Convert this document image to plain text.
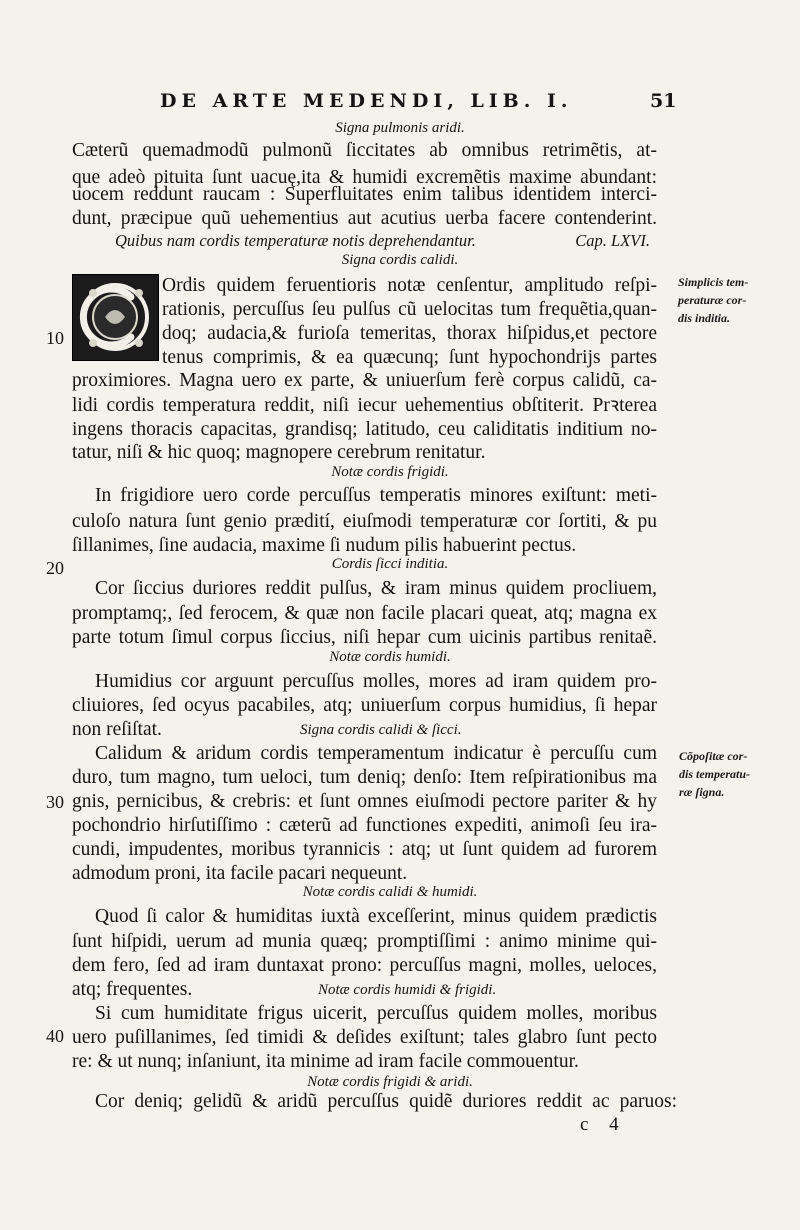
DE ARTE MEDENDI, LIB. I.	51
Signa pulmonis aridi.
Cæterũ quemadmodũ pulmonũ ſiccitates ab omnibus retrimẽtis, at-
que adeò pituita ſunt uacuę,ita & humidi excremẽtis maxime abundant:
uocem reddunt raucam : Superfluitates enim talibus identidem interci-
dunt, præcipue quũ uehementius aut acutius uerba facere contenderint.
Quibus nam cordis temperaturæ notis deprehendantur.	Cap. LXVI.
Signa cordis calidi.
Ordis quidem feruentioris notæ cenſentur, amplitudo reſpi-
rationis, percuſſus ſeu pulſus cũ uelocitas tum frequẽtia,quan-
doq; audacia,& furioſa temeritas, thorax hiſpidus,et pectore
tenus comprimis, & ea quæcunq; ſunt hypochondrijs partes
proximiores. Magna uero ex parte, & uniuerſum ferè corpus calidũ, ca-
lidi cordis temperatura reddit, niſi iecur uehementius obſtiterit. Prꝛterea
ingens thoracis capacitas, grandisq; latitudo, ceu caliditatis inditium no-
tatur, niſi & hic quoq; magnopere cerebrum renitatur.
Notæ cordis frigidi.
In frigidiore uero corde percuſſus temperatis minores exiſtunt: meti-
culoſo natura ſunt genio prædití, eiuſmodi temperaturæ cor ſortiti, & pu
ſillanimes, ſine audacia, maxime ſi nudum pilis habuerint pectus.
Cordis ſicci inditia.
Cor ſiccius duriores reddit pulſus, & iram minus quidem procliuem,
promptamq;, ſed ferocem, & quæ non facile placari queat, atq; magna ex
parte totum ſimul corpus ſiccius, niſi hepar cum uicinis partibus renitaẽ.
Notæ cordis humidi.
Humidius cor arguunt percuſſus molles, mores ad iram quidem pro-
cliuiores, ſed ocyus pacabiles, atq; uniuerſum corpus humidius, ſi hepar
non reſiſtat.	Signa cordis calidi & ſicci.
Calidum & aridum cordis temperamentum indicatur è percuſſu cum
duro, tum magno, tum ueloci, tum deniq; denſo: Item reſpirationibus ma
gnis, pernicibus, & crebris: et ſunt omnes eiuſmodi pectore pariter & hy
pochondrio hirſutiſſimo : cæterũ ad functiones expediti, animoſi ſeu ira-
cundi, impudentes, moribus tyrannicis : atq; ut ſunt quidem ad furorem
admodum proni, ita facile pacari nequeunt.
Notæ cordis calidi & humidi.
Quod ſi calor & humiditas iuxtà exceſſerint, minus quidem prædictis
ſunt hiſpidi, uerum ad munia quæq; promptiſſimi : animo minime qui-
dem fero, ſed ad iram duntaxat prono: percuſſus magni, molles, ueloces,
atq; frequentes.	Notæ cordis humidi & frigidi.
Si cum humiditate frigus uicerit, percuſſus quidem molles, moribus
uero puſillanimes, ſed timidi & deſides exiſtunt; tales glabro ſunt pecto
re: & ut nunq; inſaniunt, ita minime ad iram facile commouentur.
Notæ cordis frigidi & aridi.
Cor deniq; gelidũ & aridũ percuſſus quidẽ duriores reddit ac paruos:
Simplicis tem-
peraturæ cor-
dis inditia.
Cõpoſitæ cor-
dis temperatu-
ræ ſigna.
10
20
30
40
c 4
